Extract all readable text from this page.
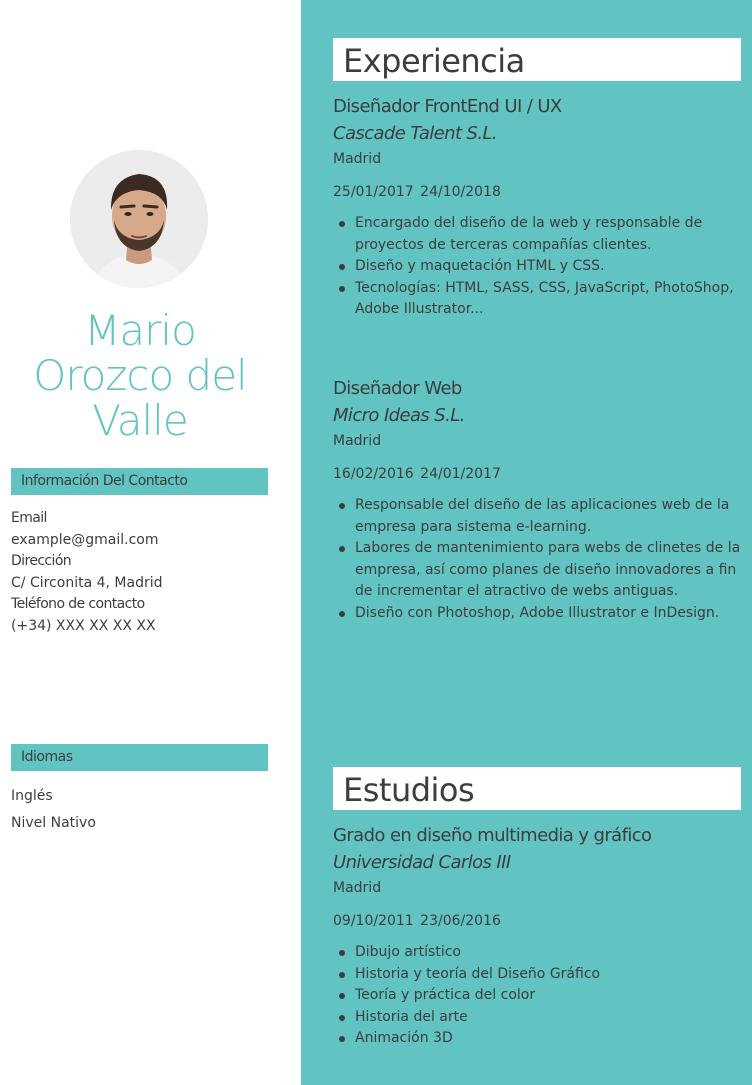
Mario Orozco del Valle
Información Del Contacto
Email
example@gmail.com
Dirección
C/ Circonita 4, Madrid
Teléfono de contacto
(+34) XXX XX XX XX
Idiomas
Inglés
Nivel Nativo
Experiencia
Diseñador FrontEnd UI / UX
Cascade Talent S.L.
Madrid
25/01/2017 24/10/2018
Encargado del diseño de la web y responsable de proyectos de terceras compañías clientes.
Diseño y maquetación HTML y CSS.
Tecnologías: HTML, SASS, CSS, JavaScript, PhotoShop, Adobe Illustrator...
Diseñador Web
Micro Ideas S.L.
Madrid
16/02/2016 24/01/2017
Responsable del diseño de las aplicaciones web de la empresa para sistema e-learning.
Labores de mantenimiento para webs de clinetes de la empresa, así como planes de diseño innovadores a fin de incrementar el atractivo de webs antiguas.
Diseño con Photoshop, Adobe Illustrator e InDesign.
Estudios
Grado en diseño multimedia y gráfico
Universidad Carlos III
Madrid
09/10/2011 23/06/2016
Dibujo artístico
Historia y teoría del Diseño Gráfico
Teoría y práctica del color
Historia del arte
Animación 3D
